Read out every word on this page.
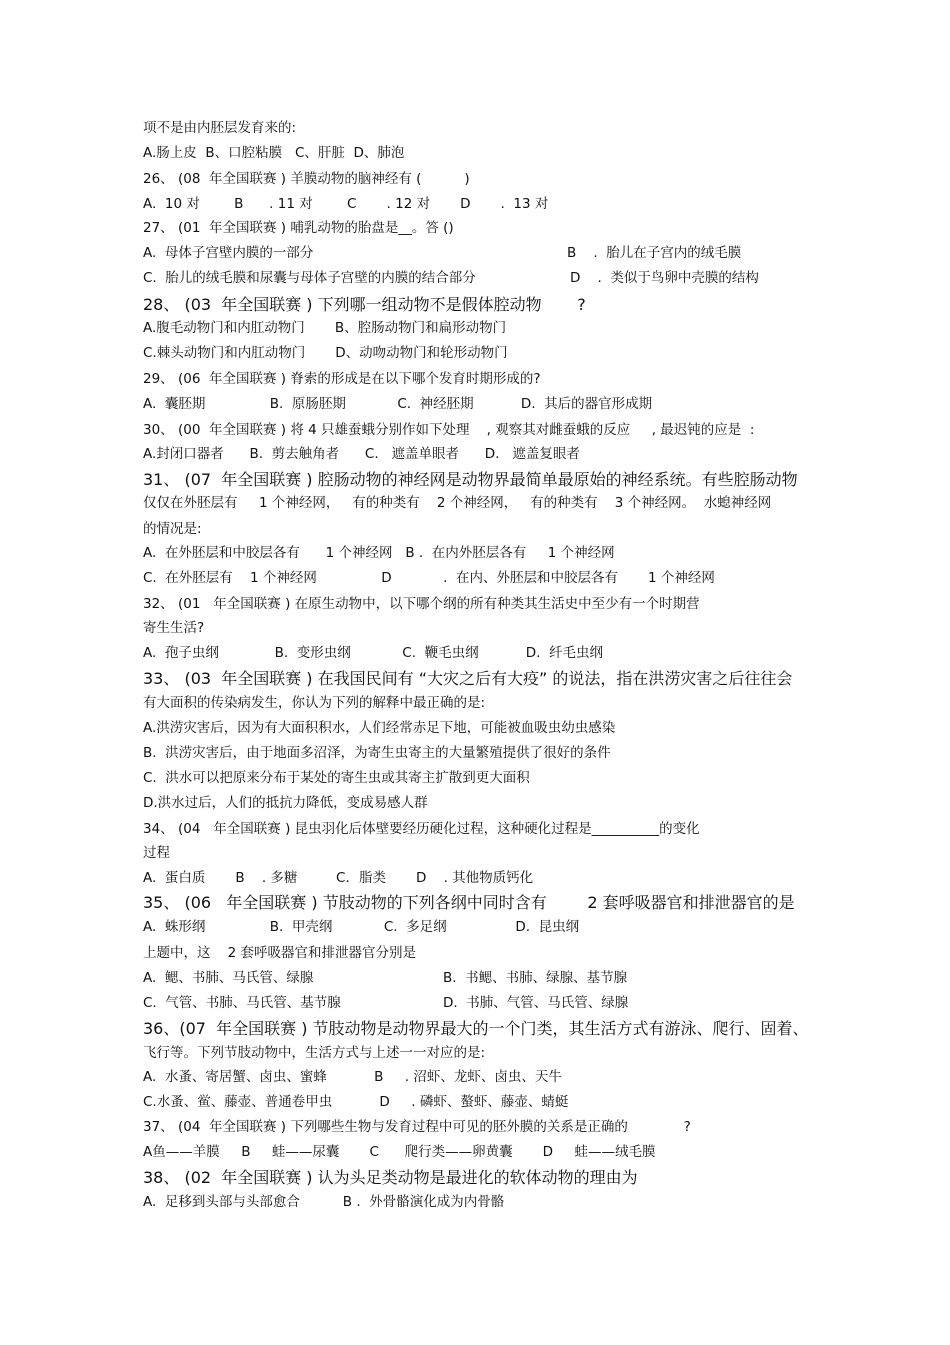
项不是由内胚层发育来的:
A.肠上皮  B、口腔粘膜   C、肝脏  D、肺泡
26、 (08  年全国联赛 ) 羊膜动物的脑神经有 (          )
A.  10 对        B      . 11 对        C       . 12 对       D       .  13 对
27、 (01  年全国联赛 ) 哺乳动物的胎盘是__。答 ()
A.  母体子宫壁内膜的一部分	B    .  胎儿在子宫内的绒毛膜
C.  胎儿的绒毛膜和尿囊与母体子宫壁的内膜的结合部分	D    .  类似于鸟卵中壳膜的结构
28、 (03  年全国联赛 ) 下列哪一组动物不是假体腔动物       ?
A.腹毛动物门和内肛动物门       B、腔肠动物门和扁形动物门
C.棘头动物门和内肛动物门       D、动吻动物门和轮形动物门
29、 (06  年全国联赛 ) 脊索的形成是在以下哪个发育时期形成的?
A.  囊胚期               B.  原肠胚期            C.  神经胚期           D.  其后的器官形成期
30、 (00  年全国联赛 ) 将 4 只雄蚕蛾分别作如下处理    , 观察其对雌蚕蛾的反应     , 最迟钝的应是  :
A.封闭口器者      B.  剪去触角者      C.   遮盖单眼者      D.   遮盖复眼者
31、 (07  年全国联赛 ) 腔肠动物的神经网是动物界最简单最原始的神经系统。有些腔肠动物
仅仅在外胚层有     1 个神经网，   有的种类有    2 个神经网，   有的种类有    3 个神经网。  水螅神经网
的情况是:
A.  在外胚层和中胶层各有      1 个神经网   B .  在内外胚层各有     1 个神经网
C.  在外胚层有    1 个神经网               D            .  在内、外胚层和中胶层各有       1 个神经网
32、 (01   年全国联赛 ) 在原生动物中，以下哪个纲的所有种类其生活史中至少有一个时期营
寄生生活?
A.  孢子虫纲             B.  变形虫纲            C.  鞭毛虫纲           D.  纤毛虫纲
33、 (03  年全国联赛 ) 在我国民间有 “大灾之后有大疫” 的说法，指在洪涝灾害之后往往会
有大面积的传染病发生，你认为下列的解释中最正确的是:
A.洪涝灾害后，因为有大面积积水，人们经常赤足下地，可能被血吸虫幼虫感染
B.  洪涝灾害后，由于地面多沼泽，为寄生虫寄主的大量繁殖提供了很好的条件
C.  洪水可以把原来分布于某处的寄生虫或其寄主扩散到更大面积
D.洪水过后，人们的抵抗力降低，变成易感人群
34、 (04   年全国联赛 ) 昆虫羽化后体壁要经历硬化过程，这种硬化过程是__________的变化
过程
A.  蛋白质       B    . 多糖         C．脂类       D    . 其他物质钙化
35、 (06   年全国联赛 ) 节肢动物的下列各纲中同时含有        2 套呼吸器官和排泄器官的是
A.  蛛形纲               B.  甲壳纲            C.  多足纲                D.  昆虫纲
上题中，这    2 套呼吸器官和排泄器官分别是
A.  鳃、书肺、马氏管、绿腺	B.  书鳃、书肺、绿腺、基节腺
C.  气管、书肺、马氏管、基节腺	D.  书肺、气管、马氏管、绿腺
36、(07  年全国联赛 ) 节肢动物是动物界最大的一个门类，其生活方式有游泳、爬行、固着、
飞行等。下列节肢动物中，生活方式与上述一一对应的是:
A.  水蚤、寄居蟹、卤虫、蜜蜂           B     . 沼虾、龙虾、卤虫、天牛
C.水蚤、鲎、藤壶、普通卷甲虫           D     . 磷虾、螯虾、藤壶、蜻蜓
37、 (04  年全国联赛 ) 下列哪些生物与发育过程中可见的胚外膜的关系是正确的             ?
A鱼——羊膜     B     蛙——尿囊       C      爬行类——卵黄囊       D     蛙——绒毛膜
38、 (02  年全国联赛 ) 认为头足类动物是最进化的软体动物的理由为
A.  足移到头部与头部愈合          B .  外骨骼演化成为内骨骼
